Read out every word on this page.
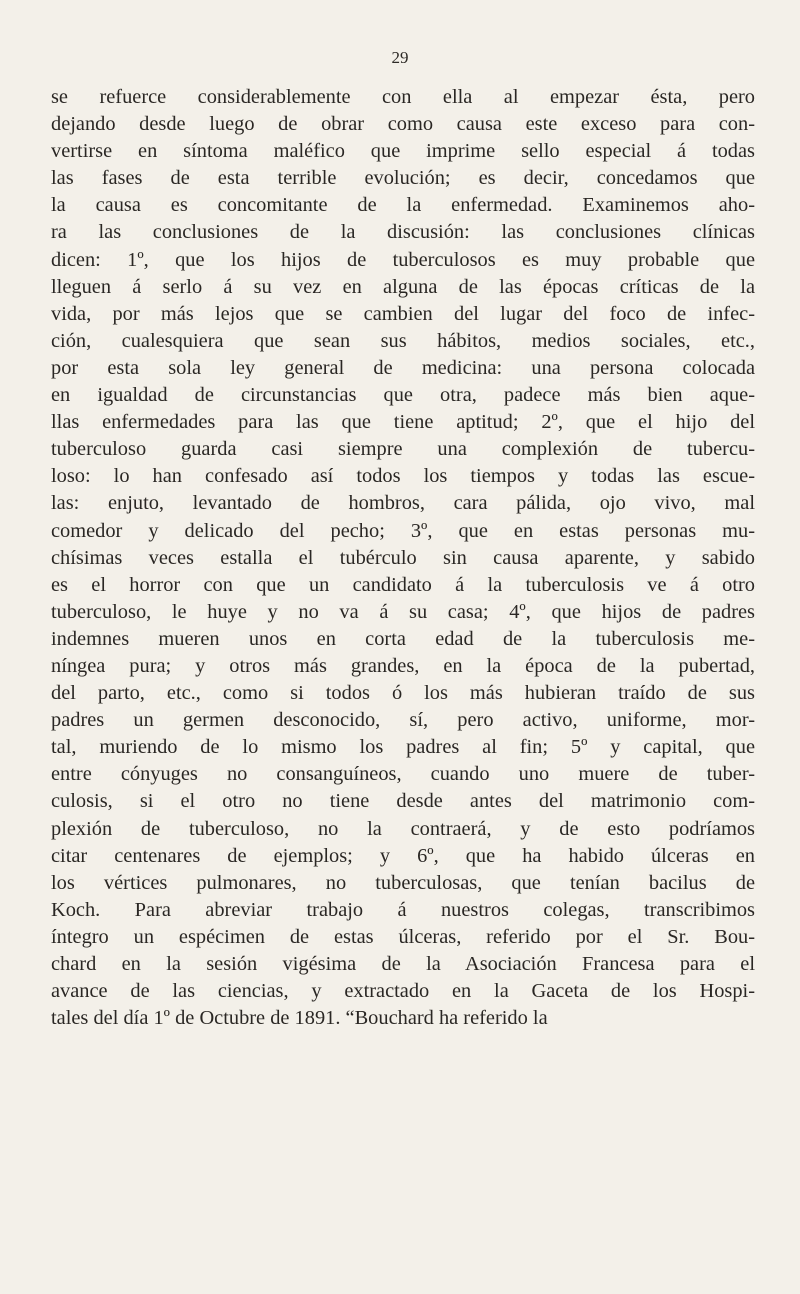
29
se refuerce considerablemente con ella al empezar ésta, pero
dejando desde luego de obrar como causa este exceso para con-
vertirse en síntoma maléfico que imprime sello especial á todas
las fases de esta terrible evolución; es decir, concedamos que
la causa es concomitante de la enfermedad. Examinemos aho-
ra las conclusiones de la discusión: las conclusiones clínicas
dicen: 1º, que los hijos de tuberculosos es muy probable que
lleguen á serlo á su vez en alguna de las épocas críticas de la
vida, por más lejos que se cambien del lugar del foco de infec-
ción, cualesquiera que sean sus hábitos, medios sociales, etc.,
por esta sola ley general de medicina: una persona colocada
en igualdad de circunstancias que otra, padece más bien aque-
llas enfermedades para las que tiene aptitud; 2º, que el hijo del
tuberculoso guarda casi siempre una complexión de tubercu-
loso: lo han confesado así todos los tiempos y todas las escue-
las: enjuto, levantado de hombros, cara pálida, ojo vivo, mal
comedor y delicado del pecho; 3º, que en estas personas mu-
chísimas veces estalla el tubérculo sin causa aparente, y sabido
es el horror con que un candidato á la tuberculosis ve á otro
tuberculoso, le huye y no va á su casa; 4º, que hijos de padres
indemnes mueren unos en corta edad de la tuberculosis me-
níngea pura; y otros más grandes, en la época de la pubertad,
del parto, etc., como si todos ó los más hubieran traído de sus
padres un germen desconocido, sí, pero activo, uniforme, mor-
tal, muriendo de lo mismo los padres al fin; 5º y capital, que
entre cónyuges no consanguíneos, cuando uno muere de tuber-
culosis, si el otro no tiene desde antes del matrimonio com-
plexión de tuberculoso, no la contraerá, y de esto podríamos
citar centenares de ejemplos; y 6º, que ha habido úlceras en
los vértices pulmonares, no tuberculosas, que tenían bacilus de
Koch. Para abreviar trabajo á nuestros colegas, transcribimos
íntegro un espécimen de estas úlceras, referido por el Sr. Bou-
chard en la sesión vigésima de la Asociación Francesa para el
avance de las ciencias, y extractado en la Gaceta de los Hospi-
tales del día 1º de Octubre de 1891. “Bouchard ha referido la
